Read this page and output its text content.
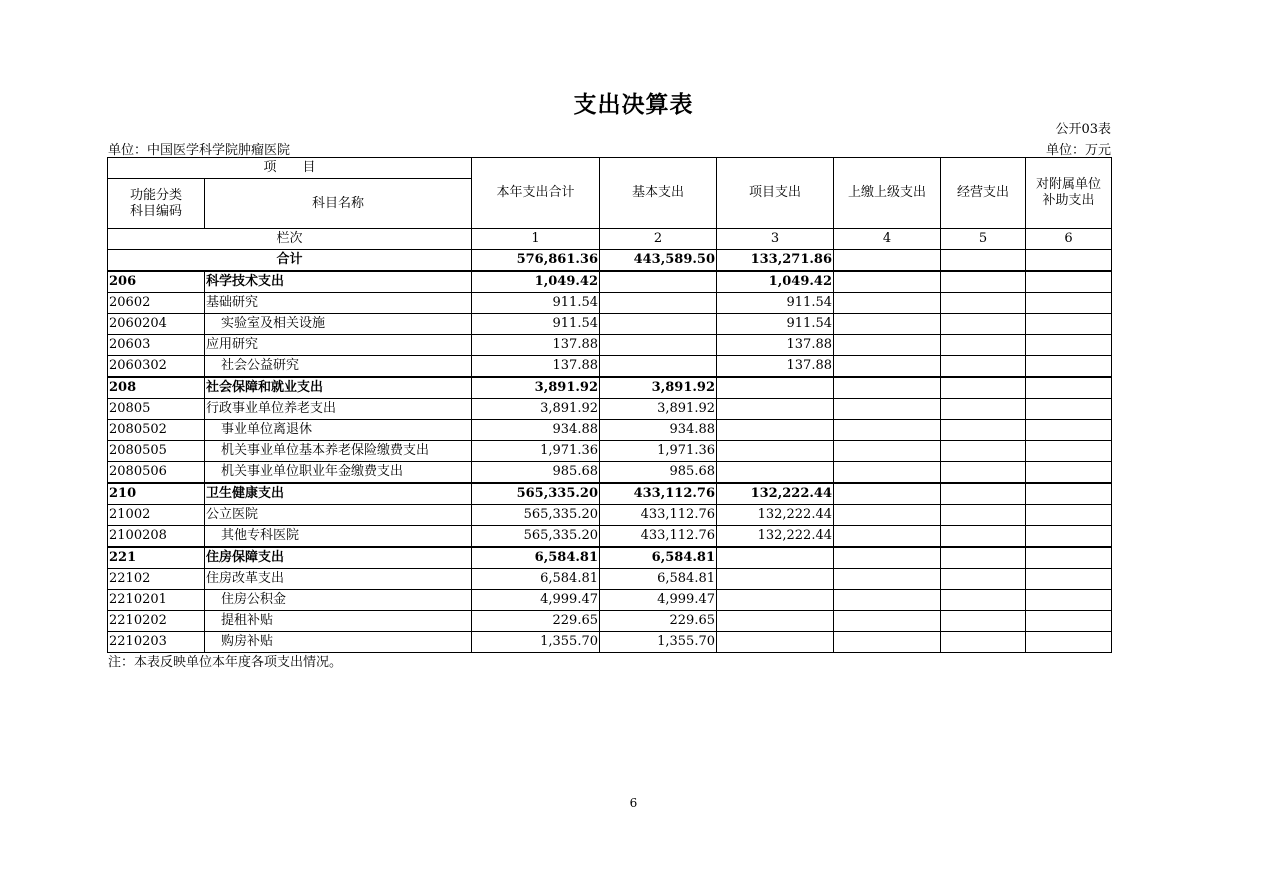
支出决算表
公开03表
单位：中国医学科学院肿瘤医院	单位：万元
项　　目		本年支出合计	基本支出	项目支出	上缴上级支出	经营支出	对附属单位
补助支出
功能分类
科目编码	科目名称						
栏次		1	2	3	4	5	6
合计		576,861.36	443,589.50	133,271.86			
206	科学技术支出	1,049.42		1,049.42			
20602	基础研究	911.54		911.54			
2060204	实验室及相关设施	911.54		911.54			
20603	应用研究	137.88		137.88			
2060302	社会公益研究	137.88		137.88			
208	社会保障和就业支出	3,891.92	3,891.92				
20805	行政事业单位养老支出	3,891.92	3,891.92				
2080502	事业单位离退休	934.88	934.88				
2080505	机关事业单位基本养老保险缴费支出	1,971.36	1,971.36				
2080506	机关事业单位职业年金缴费支出	985.68	985.68				
210	卫生健康支出	565,335.20	433,112.76	132,222.44			
21002	公立医院	565,335.20	433,112.76	132,222.44			
2100208	其他专科医院	565,335.20	433,112.76	132,222.44			
221	住房保障支出	6,584.81	6,584.81				
22102	住房改革支出	6,584.81	6,584.81				
2210201	住房公积金	4,999.47	4,999.47				
2210202	提租补贴	229.65	229.65				
2210203	购房补贴	1,355.70	1,355.70				
注：本表反映单位本年度各项支出情况。
6
